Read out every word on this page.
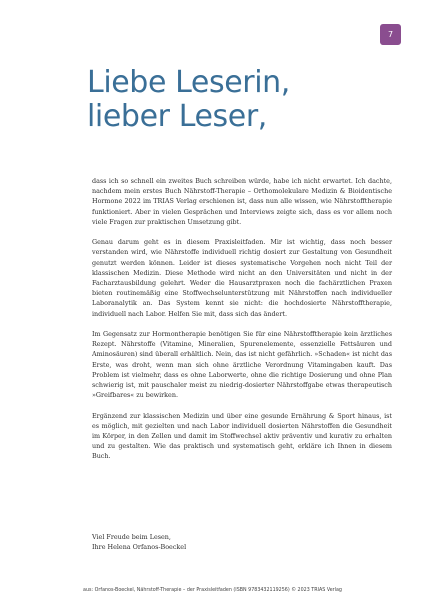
7
Liebe Leserin,
lieber Leser,

dass ich so schnell ein zweites Buch schreiben würde, habe ich nicht erwartet. Ich dachte, nachdem mein erstes Buch Nährstoff-Therapie – Orthomolekulare Medizin & Bioidentische Hormone 2022 im TRIAS Verlag erschienen ist, dass nun alle wissen, wie Nährstofftherapie funktioniert. Aber in vielen Gesprächen und Interviews zeigte sich, dass es vor allem noch viele Fragen zur praktischen Umsetzung gibt.

Genau darum geht es in diesem Praxisleitfaden. Mir ist wichtig, dass noch besser verstanden wird, wie Nährstoffe individuell richtig dosiert zur Gestaltung von Gesundheit genutzt werden können. Leider ist dieses systematische Vorgehen noch nicht Teil der klassischen Medizin. Diese Methode wird nicht an den Universitäten und nicht in der Facharztausbildung gelehrt. Weder die Hausarztpraxen noch die fachärztlichen Praxen bieten routinemäßig eine Stoffwechselunterstützung mit Nährstoffen nach individueller Laboranalytik an. Das System kennt sie nicht: die hochdosierte Nährstofftherapie, individuell nach Labor. Helfen Sie mit, dass sich das ändert.

Im Gegensatz zur Hormontherapie benötigen Sie für eine Nährstofftherapie kein ärztliches Rezept. Nährstoffe (Vitamine, Mineralien, Spurenelemente, essenzielle Fettsäuren und Aminosäuren) sind überall erhältlich. Nein, das ist nicht gefährlich. »Schaden« ist nicht das Erste, was droht, wenn man sich ohne ärztliche Verordnung Vitamingaben kauft. Das Problem ist vielmehr, dass es ohne Laborwerte, ohne die richtige Dosierung und ohne Plan schwierig ist, mit pauschaler meist zu niedrig-dosierter Nährstoffgabe etwas therapeutisch »Greifbares« zu bewirken.

Ergänzend zur klassischen Medizin und über eine gesunde Ernährung & Sport hinaus, ist es möglich, mit gezielten und nach Labor individuell dosierten Nährstoffen die Gesundheit im Körper, in den Zellen und damit im Stoffwechsel aktiv präventiv und kurativ zu erhalten und zu gestalten. Wie das praktisch und systematisch geht, erkläre ich Ihnen in diesem Buch.

Viel Freude beim Lesen,
Ihre Helena Orfanos-Boeckel
aus: Orfanos-Boeckel, Nährstoff-Therapie – der Praxisleitfaden (ISBN 9783432119256) © 2023 TRIAS Verlag
